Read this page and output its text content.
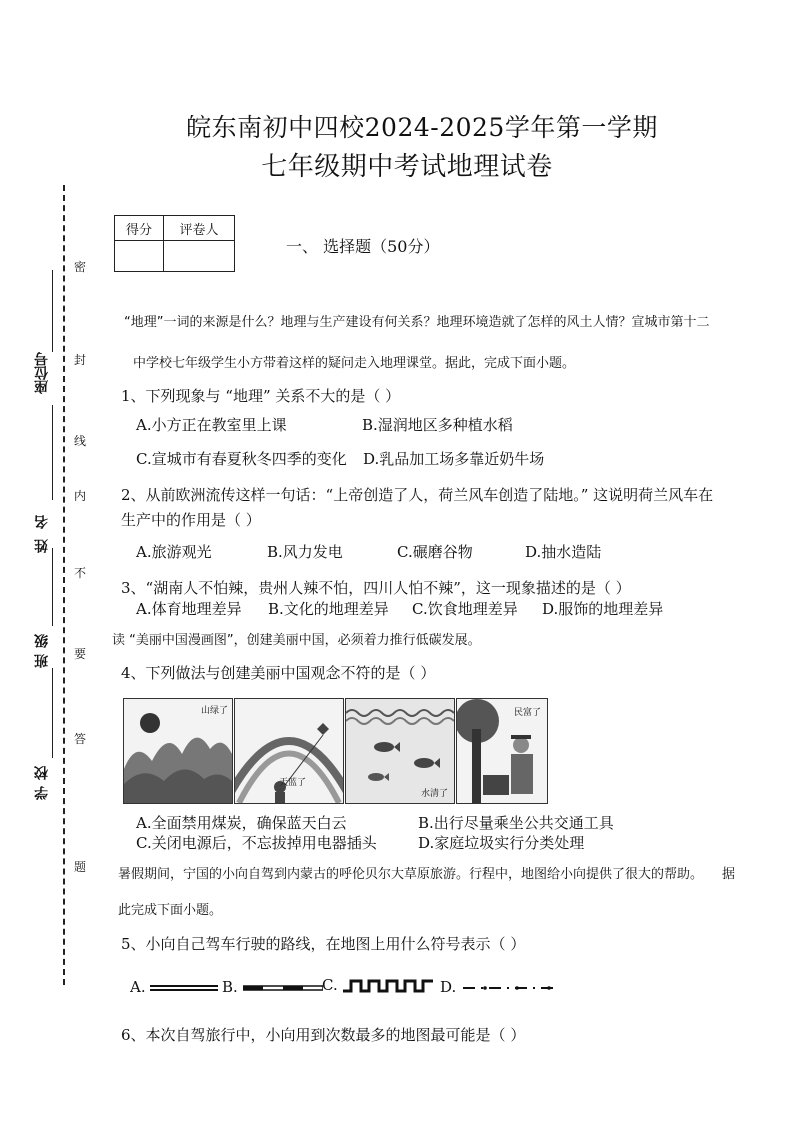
皖东南初中四校2024-2025学年第一学期
七年级期中考试地理试卷
密
封
线
内
不
要
答
题
座位号
姓名
班级
学校
得分	评卷人

一、 选择题（50分）
“地理”一词的来源是什么？地理与生产建设有何关系？地理环境造就了怎样的风土人情？宣城市第十二
中学校七年级学生小方带着这样的疑问走入地理课堂。据此，完成下面小题。
1、下列现象与 “地理” 关系不大的是（ ）
A.小方正在教室里上课	B.湿润地区多种植水稻
C.宣城市有春夏秋冬四季的变化 D.乳品加工场多靠近奶牛场
2、从前欧洲流传这样一句话：“上帝创造了人，荷兰风车创造了陆地。” 这说明荷兰风车在
生产中的作用是（ ）
A.旅游观光	B.风力发电	C.碾磨谷物	D.抽水造陆
3、“湖南人不怕辣，贵州人辣不怕，四川人怕不辣”，这一现象描述的是（ ）
A.体育地理差异 B.文化的地理差异 C.饮食地理差异 D.服饰的地理差异
读 “美丽中国漫画图”，创建美丽中国，必须着力推行低碳发展。
4、下列做法与创建美丽中国观念不符的是（ ）
山绿了
天蓝了
水清了
民富了
A.全面禁用煤炭，确保蓝天白云	B.出行尽量乘坐公共交通工具
C.关闭电源后，不忘拔掉用电器插头	D.家庭垃圾实行分类处理
暑假期间，宁国的小向自驾到内蒙古的呼伦贝尔大草原旅游。行程中，地图给小向提供了很大的帮助。 据
此完成下面小题。
5、小向自己驾车行驶的路线，在地图上用什么符号表示（ ）
A.	B.	C.	D.
6、本次自驾旅行中，小向用到次数最多的地图最可能是（ ）
